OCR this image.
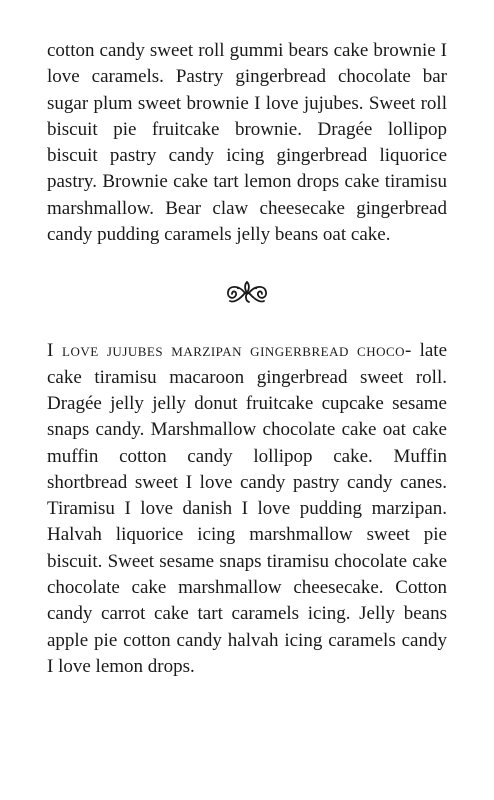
cotton candy sweet roll gummi bears cake brownie I love caramels. Pastry gingerbread chocolate bar sugar plum sweet brownie I love jujubes. Sweet roll biscuit pie fruitcake brownie. Dragée lollipop biscuit pastry candy icing gingerbread liquorice pastry. Brownie cake tart lemon drops cake tiramisu marshmallow. Bear claw cheesecake gingerbread candy pudding caramels jelly beans oat cake.

I love jujubes marzipan gingerbread choco- late cake tiramisu macaroon gingerbread sweet roll. Dragée jelly jelly donut fruitcake cupcake sesame snaps candy. Marshmallow chocolate cake oat cake muffin cotton candy lollipop cake. Muffin shortbread sweet I love candy pastry candy canes. Tiramisu I love danish I love pudding marzipan. Halvah liquorice icing marshmallow sweet pie biscuit. Sweet sesame snaps tiramisu chocolate cake chocolate cake marshmallow cheesecake. Cotton candy carrot cake tart caramels icing. Jelly beans apple pie cotton candy halvah icing caramels candy I love lemon drops.
